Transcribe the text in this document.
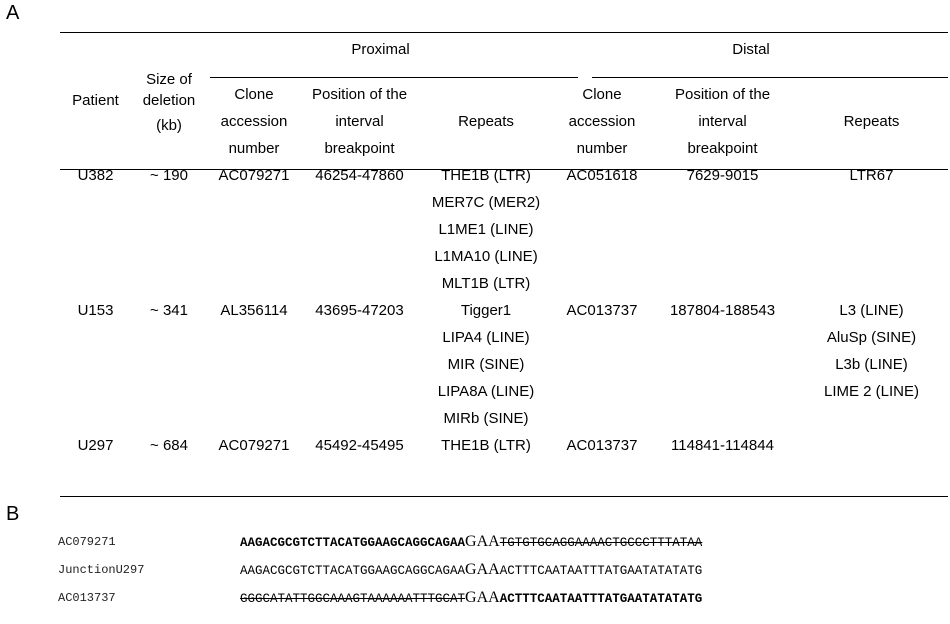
A
		Proximal			Distal		
	Size of						
Patient	deletion	Clone	Position of the		Clone	Position of the	
	(kb)	accession	interval	Repeats	accession	interval	Repeats
		number	breakpoint		number	breakpoint	
U382	~ 190	AC079271	46254-47860	THE1B (LTR)	AC051618	7629-9015	LTR67
				MER7C (MER2)			
				L1ME1 (LINE)			
				L1MA10 (LINE)			
				MLT1B (LTR)			
U153	~ 341	AL356114	43695-47203	Tigger1	AC013737	187804-188543	L3 (LINE)
				LIPA4 (LINE)			AluSp (SINE)
				MIR (SINE)			L3b (LINE)
				LIPA8A (LINE)			LIME 2 (LINE)
				MIRb (SINE)			
U297	~ 684	AC079271	45492-45495	THE1B (LTR)	AC013737	114841-114844	
B
AC079271	AAGACGCGTCTTACATGGAAGCAGGCAGAAGAATGTGTGCAGGAAAACTGCCCTTTATAA
JunctionU297	AAGACGCGTCTTACATGGAAGCAGGCAGAAGAAACTTTCAATAATTTATGAATATATATG
AC013737	GGGCATATTGGCAAAGTAAAAAATTTGCATGAAACTTTCAATAATTTATGAATATATATG
